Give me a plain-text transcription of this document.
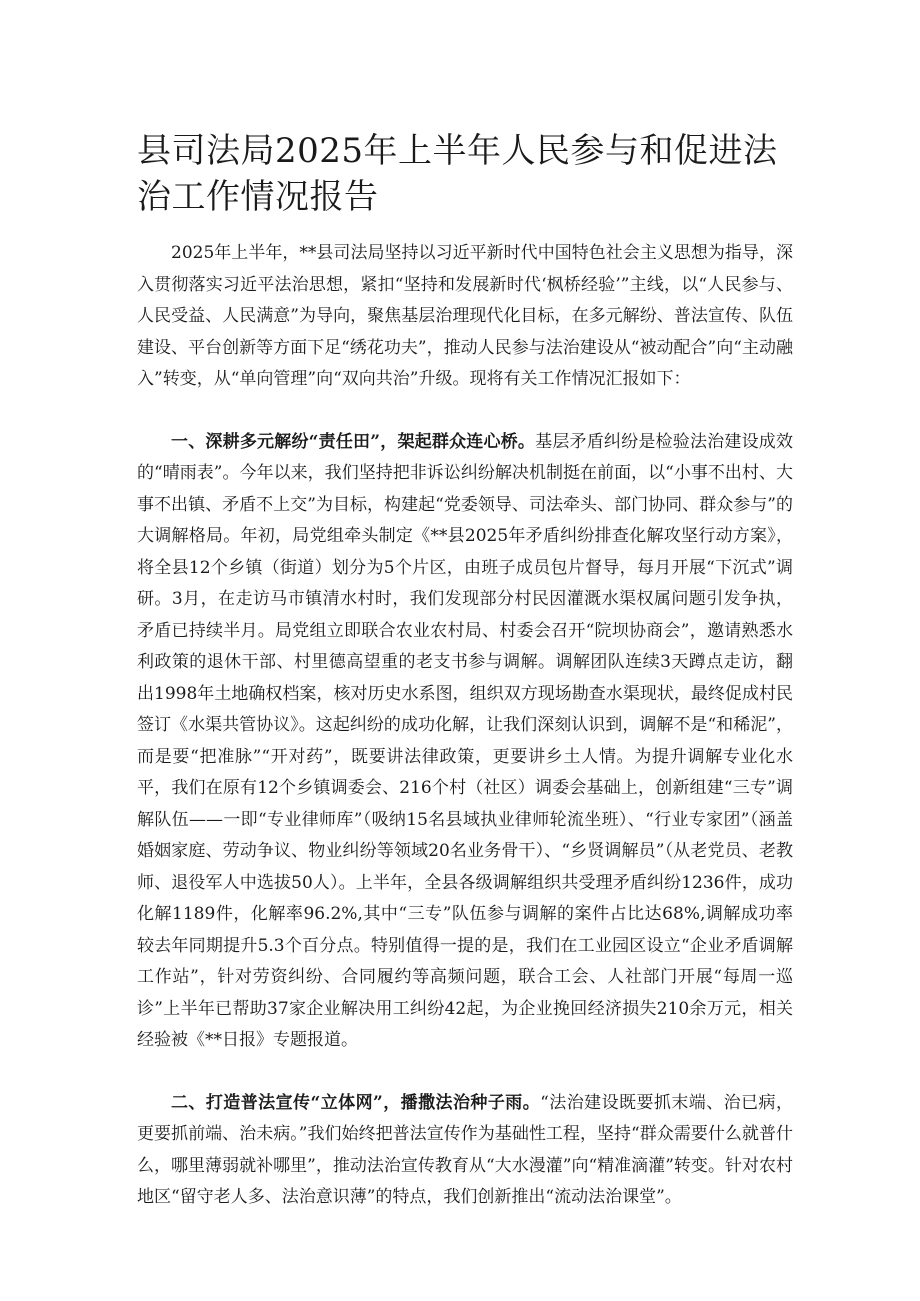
县司法局2025年上半年人民参与和促进法治工作情况报告

2025年上半年，**县司法局坚持以习近平新时代中国特色社会主义思想为指导，深入贯彻落实习近平法治思想，紧扣“坚持和发展新时代‘枫桥经验’”主线，以“人民参与、人民受益、人民满意”为导向，聚焦基层治理现代化目标，在多元解纷、普法宣传、队伍建设、平台创新等方面下足“绣花功夫”，推动人民参与法治建设从“被动配合”向“主动融入”转变，从“单向管理”向“双向共治”升级。现将有关工作情况汇报如下：

一、深耕多元解纷“责任田”，架起群众连心桥。基层矛盾纠纷是检验法治建设成效的“晴雨表”。今年以来，我们坚持把非诉讼纠纷解决机制挺在前面，以“小事不出村、大事不出镇、矛盾不上交”为目标，构建起“党委领导、司法牵头、部门协同、群众参与”的大调解格局。年初，局党组牵头制定《**县2025年矛盾纠纷排查化解攻坚行动方案》，将全县12个乡镇（街道）划分为5个片区，由班子成员包片督导，每月开展“下沉式”调研。3月，在走访马市镇清水村时，我们发现部分村民因灌溉水渠权属问题引发争执，矛盾已持续半月。局党组立即联合农业农村局、村委会召开“院坝协商会”，邀请熟悉水利政策的退休干部、村里德高望重的老支书参与调解。调解团队连续3天蹲点走访，翻出1998年土地确权档案，核对历史水系图，组织双方现场勘查水渠现状，最终促成村民签订《水渠共管协议》。这起纠纷的成功化解，让我们深刻认识到，调解不是“和稀泥”，而是要“把准脉”“开对药”，既要讲法律政策，更要讲乡土人情。为提升调解专业化水平，我们在原有12个乡镇调委会、216个村（社区）调委会基础上，创新组建“三专”调解队伍——一即“专业律师库”（吸纳15名县域执业律师轮流坐班）、“行业专家团”（涵盖婚姻家庭、劳动争议、物业纠纷等领域20名业务骨干）、“乡贤调解员”（从老党员、老教师、退役军人中选拔50人）。上半年，全县各级调解组织共受理矛盾纠纷1236件，成功化解1189件，化解率96.2%,其中“三专”队伍参与调解的案件占比达68%,调解成功率较去年同期提升5.3个百分点。特别值得一提的是，我们在工业园区设立“企业矛盾调解工作站”，针对劳资纠纷、合同履约等高频问题，联合工会、人社部门开展“每周一巡诊”上半年已帮助37家企业解决用工纠纷42起，为企业挽回经济损失210余万元，相关经验被《**日报》专题报道。

二、打造普法宣传“立体网”，播撒法治种子雨。“法治建设既要抓末端、治已病，更要抓前端、治未病。”我们始终把普法宣传作为基础性工程，坚持“群众需要什么就普什么，哪里薄弱就补哪里”，推动法治宣传教育从“大水漫灌”向“精准滴灌”转变。针对农村地区“留守老人多、法治意识薄”的特点，我们创新推出“流动法治课堂”。
